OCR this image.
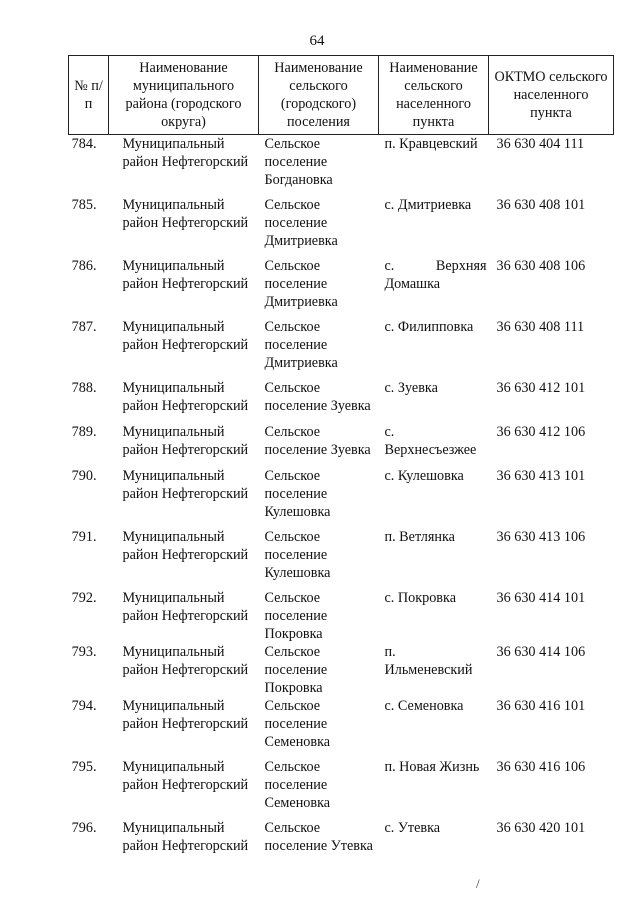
64
№ п/п	Наименование муниципального района (городского округа)	Наименование сельского (городского) поселения	Наименование сельского населенного пункта	ОКТМО сельского населенного пункта
784.	Муниципальный район Нефтегорский	Сельское поселение Богдановка	п. Кравцевский	36 630 404 111
785.	Муниципальный район Нефтегорский	Сельское поселение Дмитриевка	с. Дмитриевка	36 630 408 101
786.	Муниципальный район Нефтегорский	Сельское поселение Дмитриевка	с. Верхняя Домашка	36 630 408 106
787.	Муниципальный район Нефтегорский	Сельское поселение Дмитриевка	с. Филипповка	36 630 408 111
788.	Муниципальный район Нефтегорский	Сельское поселение Зуевка	с. Зуевка	36 630 412 101
789.	Муниципальный район Нефтегорский	Сельское поселение Зуевка	с. Верхнесъезжее	36 630 412 106
790.	Муниципальный район Нефтегорский	Сельское поселение Кулешовка	с. Кулешовка	36 630 413 101
791.	Муниципальный район Нефтегорский	Сельское поселение Кулешовка	п. Ветлянка	36 630 413 106
792.	Муниципальный район Нефтегорский	Сельское поселение Покровка	с. Покровка	36 630 414 101
793.	Муниципальный район Нефтегорский	Сельское поселение Покровка	п. Ильменевский	36 630 414 106
794.	Муниципальный район Нефтегорский	Сельское поселение Семеновка	с. Семеновка	36 630 416 101
795.	Муниципальный район Нефтегорский	Сельское поселение Семеновка	п. Новая Жизнь	36 630 416 106
796.	Муниципальный район Нефтегорский	Сельское поселение Утевка	с. Утевка	36 630 420 101
/
